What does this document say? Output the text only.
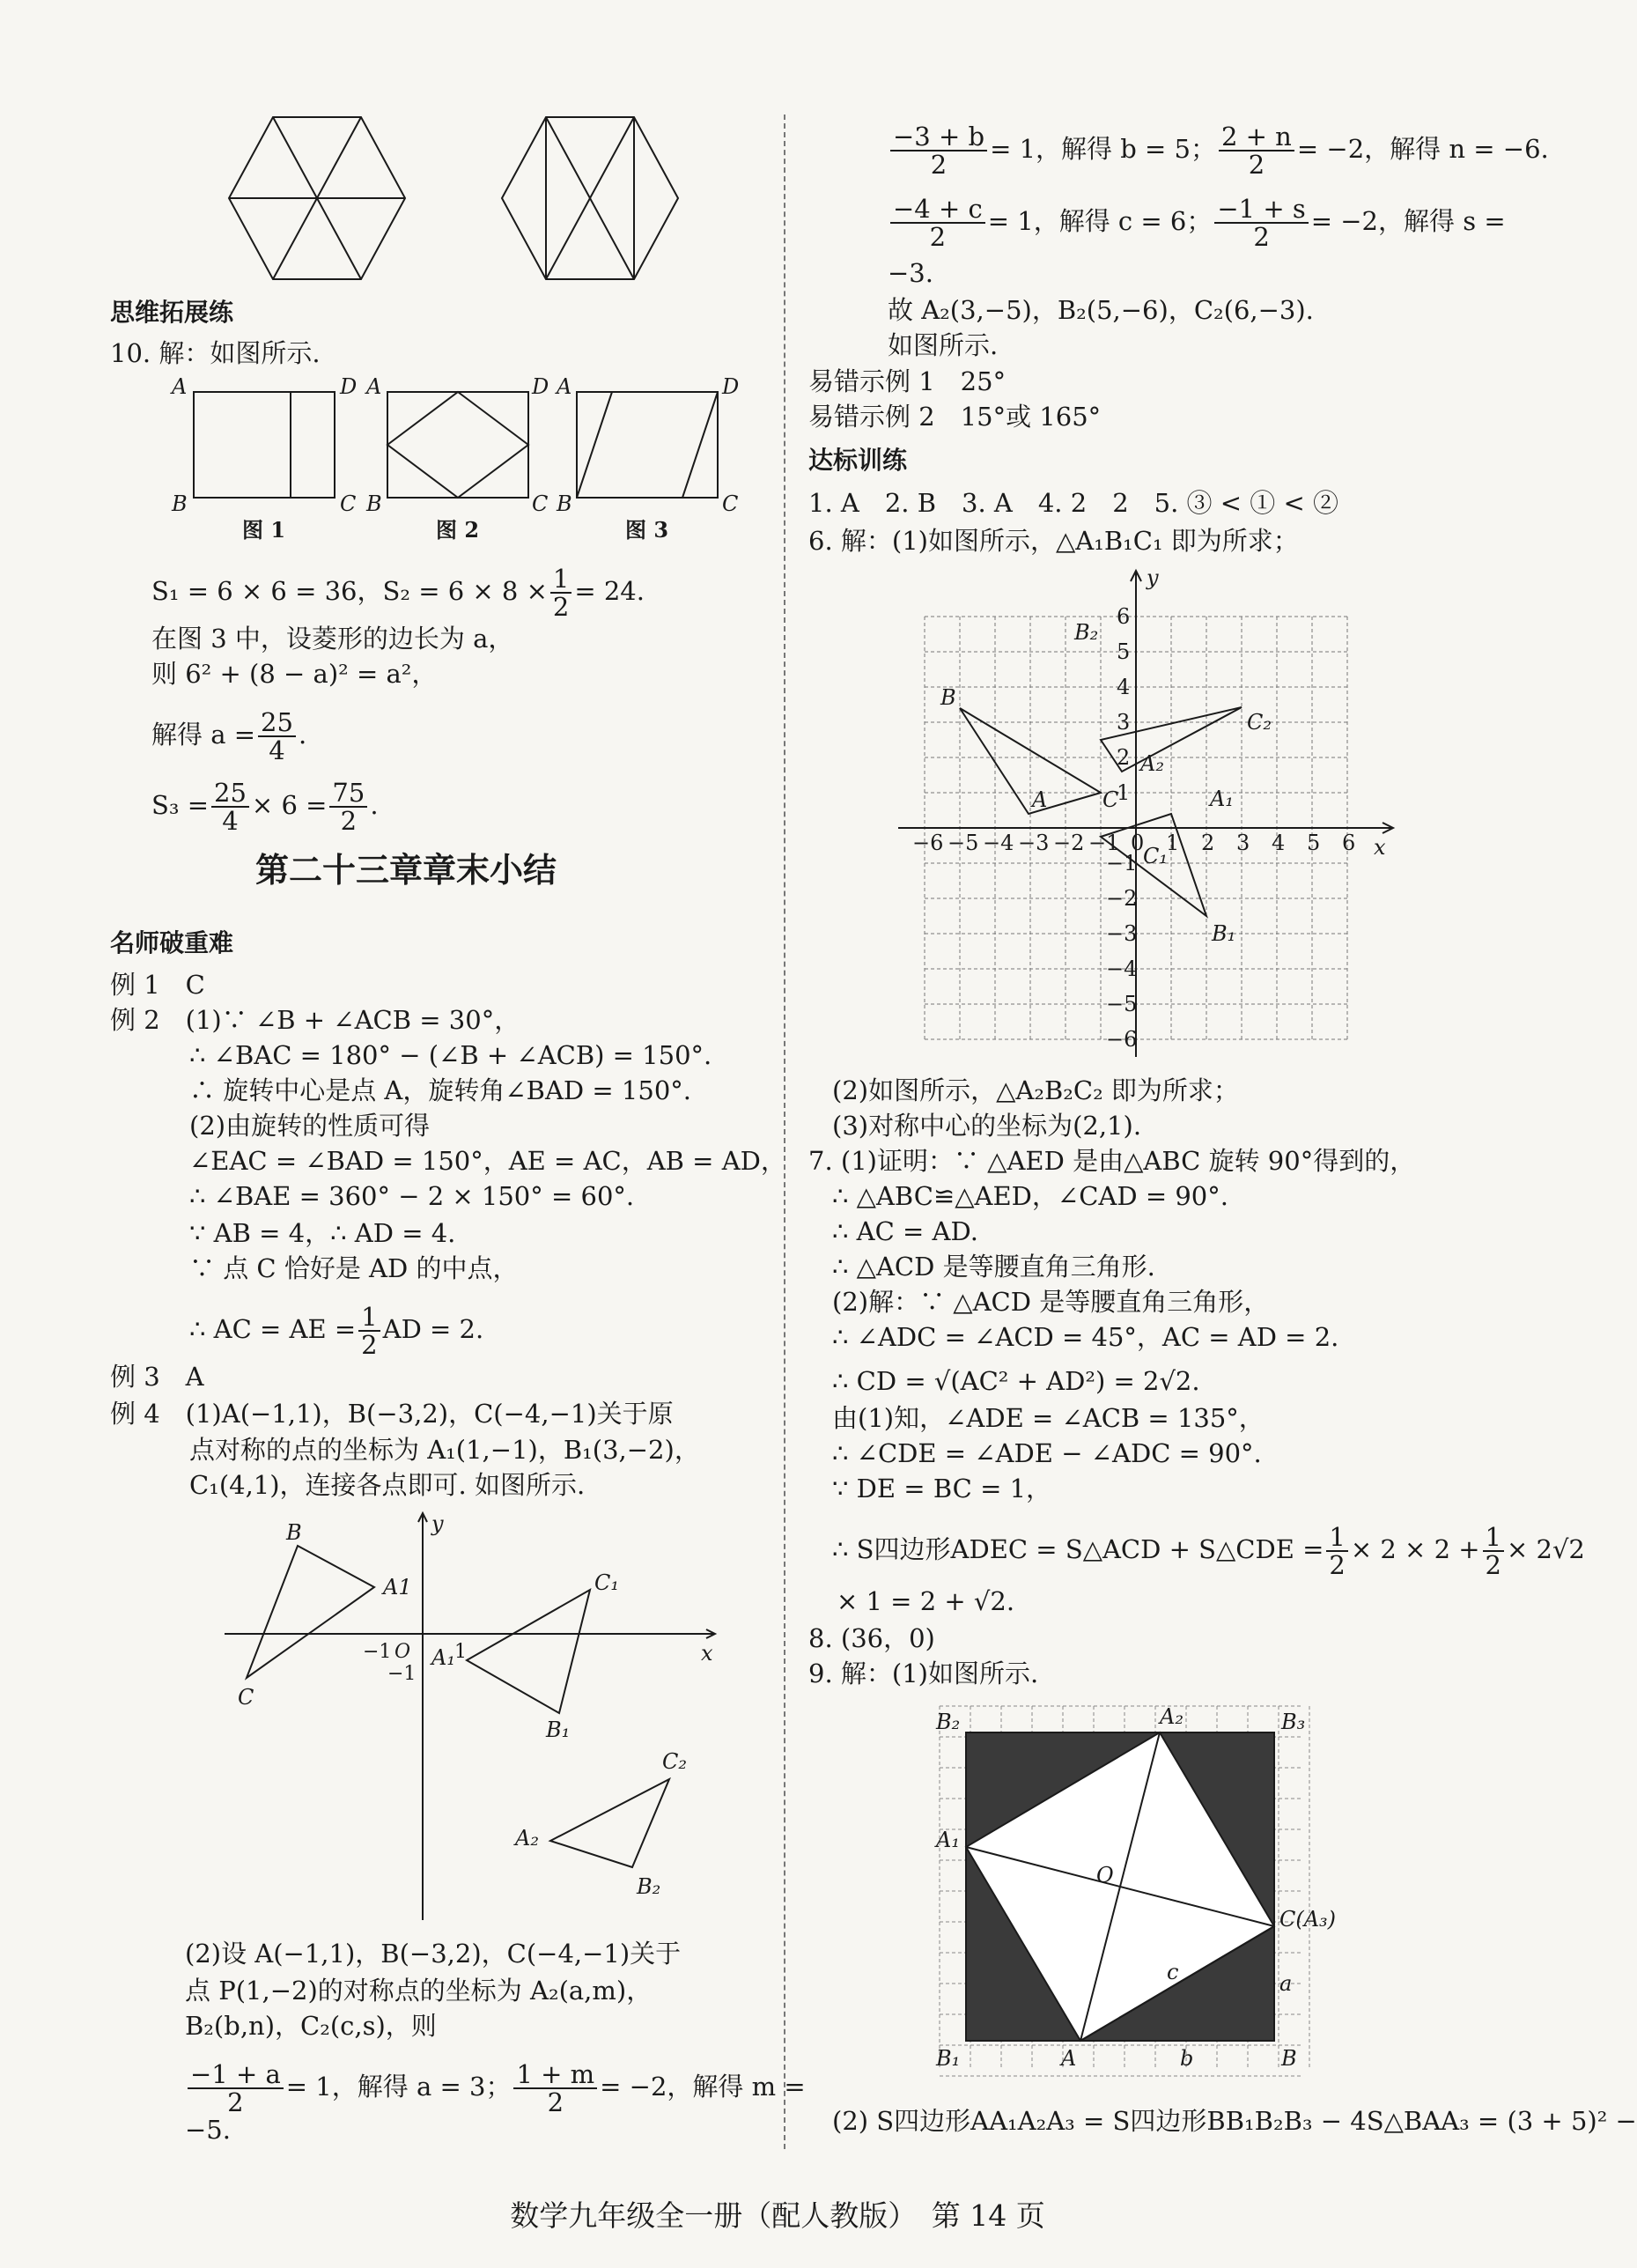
思维拓展练
10. 解：如图所示.
A	D
B	C
A	D
B	C
A	D
B	C
图 1	图 2	图 3
S₁ = 6 × 6 = 36，$S_2 = 6 \times 8 \times \frac{1}{2} = 24$.
在图 3 中，设菱形的边长为 a，
则 6² + (8 − a)² = a²，
解得 $a = \frac{25}{4}$ .
$S_3 = \frac{25}{4} \times 6 = \frac{75}{2}$ .
第二十三章章末小结
名师破重难
例 1　C
例 2　(1)∵ ∠B + ∠ACB = 30°，
∴ ∠BAC = 180° − (∠B + ∠ACB) = 150°.
∴ 旋转中心是点 A，旋转角∠BAD = 150°.
(2)由旋转的性质可得
∠EAC = ∠BAD = 150°，AE = AC，AB = AD，
∴ ∠BAE = 360° − 2 × 150° = 60°.
∵ AB = 4，∴ AD = 4.
∵ 点 C 恰好是 AD 的中点，
∴ AC = AE = $\frac{1}{2}$ AD = 2.
例 3　A
例 4　(1)A(−1,1)，B(−3,2)，C(−4,−1)关于原
点对称的点的坐标为 A₁(1,−1)，B₁(3,−2)，
C₁(4,1)，连接各点即可. 如图所示.
B
A1
C
C₁
B₁
A₁
C₂
A₂
B₂
y
x
1
−1
−1
O
(2)设 A(−1,1)，B(−3,2)，C(−4,−1)关于
点 P(1,−2)的对称点的坐标为 A₂(a,m)，
B₂(b,n)，C₂(c,s)，则
$\frac{-1 + a}{2} = 1$，解得 a = 3； $\frac{1 + m}{2} = -2$，解得 m =
−5.
$\frac{-3 + b}{2} = 1$，解得 b = 5； $\frac{2 + n}{2} = -2$，解得 n = −6.
$\frac{-4 + c}{2} = 1$，解得 c = 6； $\frac{-1 + s}{2} = -2$，解得 s =
−3.
故 A₂(3,−5)，B₂(5,−6)，C₂(6,−3).
如图所示.
易错示例 1　25°
易错示例 2　15°或 165°
达标训练
1. A　2. B　3. A　4. 2　2　5. ③ < ① < ②
6. 解：(1)如图所示，△A₁B₁C₁ 即为所求；
−6 −5 −4 −3 −2 −1 0 1 2 3 4 5 6
6
5
4
3
2
1
−1
−2
−3
−4
−5
−6
B₂
B
C₂
A₂
A	C	A₁
C₁
B₁
y
x
(2)如图所示，△A₂B₂C₂ 即为所求；
(3)对称中心的坐标为(2,1).
7. (1)证明：∵ △AED 是由△ABC 旋转 90°得到的，
∴ △ABC≌△AED，∠CAD = 90°.
∴ AC = AD.
∴ △ACD 是等腰直角三角形.
(2)解：∵ △ACD 是等腰直角三角形，
∴ ∠ADC = ∠ACD = 45°，AC = AD = 2.
∴ CD = √(AC² + AD²) = 2√2.
由(1)知，∠ADE = ∠ACB = 135°，
∴ ∠CDE = ∠ADE − ∠ADC = 90°.
∵ DE = BC = 1，
∴ S四边形ADEC = S△ACD + S△CDE = $\frac{1}{2} \times 2 \times 2 + \frac{1}{2} \times 2√2$
× 1 = 2 + √2.
8. (36，0)
9. 解：(1)如图所示.
B₂	A₂	B₃
A₁
O
C(A₃)
c	a
B₁	A	b	B
(2) S四边形AA₁A₂A₃ = S四边形BB₁B₂B₃ − 4S△BAA₃ = (3 + 5)² −
数学九年级全一册（配人教版）　第 14 页
